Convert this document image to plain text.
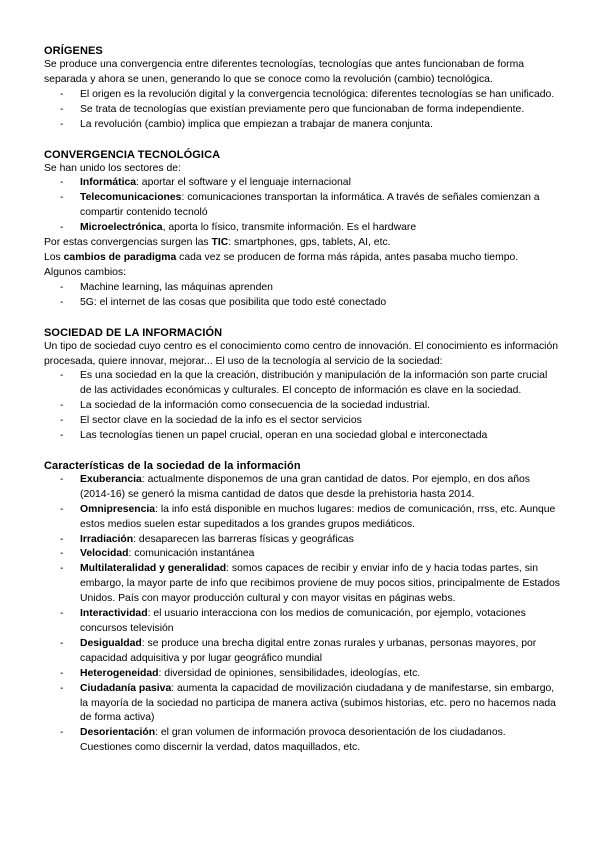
ORÍGENES

Se produce una convergencia entre diferentes tecnologías, tecnologías que antes funcionaban de forma separada y ahora se unen, generando lo que se conoce como la revolución (cambio) tecnológica.

- El origen es la revolución digital y la convergencia tecnológica: diferentes tecnologías se han unificado.
- Se trata de tecnologías que existían previamente pero que funcionaban de forma independiente.
- La revolución (cambio) implica que empiezan a trabajar de manera conjunta.
CONVERGENCIA TECNOLÓGICA

Se han unido los sectores de:

- Informática: aportar el software y el lenguaje internacional
- Telecomunicaciones: comunicaciones transportan la informática. A través de señales comienzan a compartir contenido tecnoló
- Microelectrónica, aporta lo físico, transmite información. Es el hardware

Por estas convergencias surgen las TIC: smartphones, gps, tablets, AI, etc.

Los cambios de paradigma cada vez se producen de forma más rápida, antes pasaba mucho tiempo.

Algunos cambios:

- Machine learning, las máquinas aprenden
- 5G: el internet de las cosas que posibilita que todo esté conectado
SOCIEDAD DE LA INFORMACIÓN

Un tipo de sociedad cuyo centro es el conocimiento como centro de innovación. El conocimiento es información procesada, quiere innovar, mejorar... El uso de la tecnología al servicio de la sociedad:

- Es una sociedad en la que la creación, distribución y manipulación de la información son parte crucial de las actividades económicas y culturales. El concepto de información es clave en la sociedad.
- La sociedad de la información como consecuencia de la sociedad industrial.
- El sector clave en la sociedad de la info es el sector servicios
- Las tecnologías tienen un papel crucial, operan en una sociedad global e interconectada
Características de la sociedad de la información
- Exuberancia: actualmente disponemos de una gran cantidad de datos. Por ejemplo, en dos años (2014-16) se generó la misma cantidad de datos que desde la prehistoria hasta 2014.
- Omnipresencia: la info está disponible en muchos lugares: medios de comunicación, rrss, etc. Aunque estos medios suelen estar supeditados a los grandes grupos mediáticos.
- Irradiación: desaparecen las barreras físicas y geográficas
- Velocidad: comunicación instantánea
- Multilateralidad y generalidad: somos capaces de recibir y enviar info de y hacia todas partes, sin embargo, la mayor parte de info que recibimos proviene de muy pocos sitios, principalmente de Estados Unidos. País con mayor producción cultural y con mayor visitas en páginas webs.
- Interactividad: el usuario interacciona con los medios de comunicación, por ejemplo, votaciones concursos televisión
- Desigualdad: se produce una brecha digital entre zonas rurales y urbanas, personas mayores, por capacidad adquisitiva y por lugar geográfico mundial
- Heterogeneidad: diversidad de opiniones, sensibilidades, ideologías, etc.
- Ciudadanía pasiva: aumenta la capacidad de movilización ciudadana y de manifestarse, sin embargo, la mayoría de la sociedad no participa de manera activa (subimos historias, etc. pero no hacemos nada de forma activa)
- Desorientación: el gran volumen de información provoca desorientación de los ciudadanos. Cuestiones como discernir la verdad, datos maquillados, etc.
